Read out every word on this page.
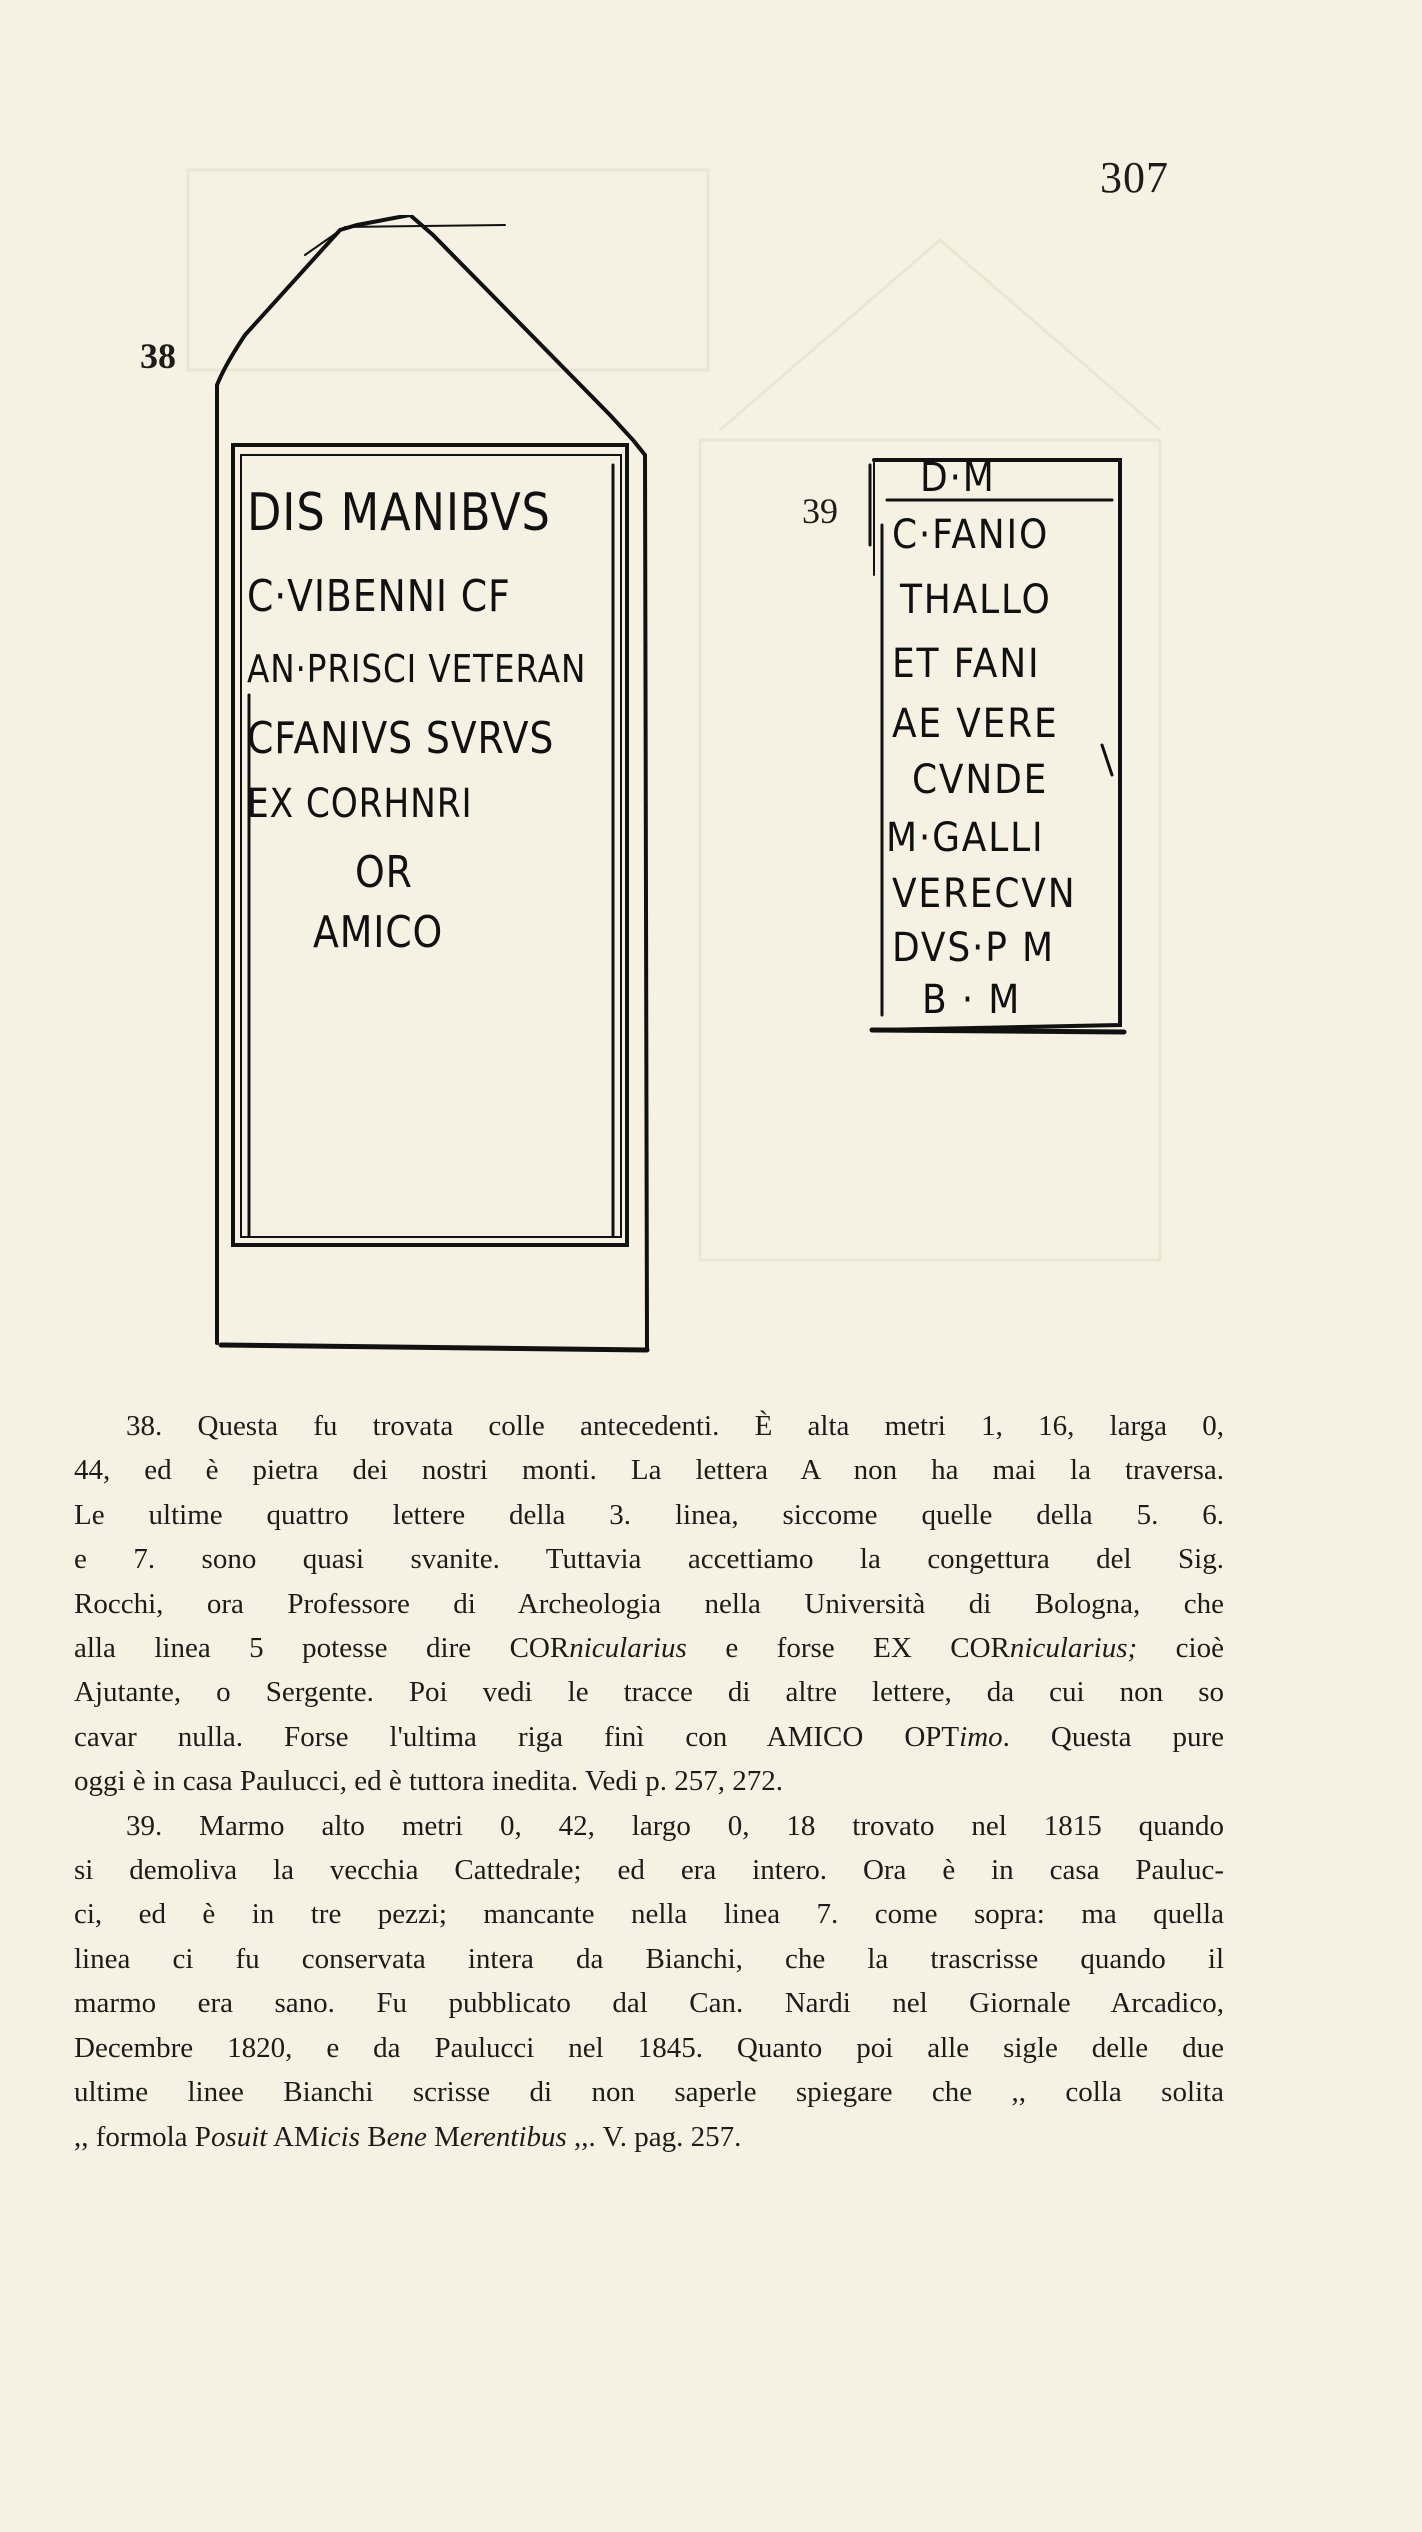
307
38
DIS MANIBVS
C·VIBENNI CF
AN·PRISCI VETERAN
CFANIVS SVRVS
EX CORHNRI
OR
AMICO
39
D·M
C·FANIO
THALLO
ET FANI
AE VERE
CVNDE
M·GALLI
VERECVN
DVS·P M
B · M

38. Questa fu trovata colle antecedenti. È alta metri 1, 16, larga 0,

44, ed è pietra dei nostri monti. La lettera A non ha mai la traversa.

Le ultime quattro lettere della 3. linea, siccome quelle della 5. 6.

e 7. sono quasi svanite. Tuttavia accettiamo la congettura del Sig.

Rocchi, ora Professore di Archeologia nella Università di Bologna, che

alla linea 5 potesse dire CORnicularius e forse EX CORnicularius; cioè

Ajutante, o Sergente. Poi vedi le tracce di altre lettere, da cui non so

cavar nulla. Forse l'ultima riga finì con AMICO OPTimo. Questa pure

oggi è in casa Paulucci, ed è tuttora inedita. Vedi p. 257, 272.

39. Marmo alto metri 0, 42, largo 0, 18 trovato nel 1815 quando

si demoliva la vecchia Cattedrale; ed era intero. Ora è in casa Pauluc-

ci, ed è in tre pezzi; mancante nella linea 7. come sopra: ma quella

linea ci fu conservata intera da Bianchi, che la trascrisse quando il

marmo era sano. Fu pubblicato dal Can. Nardi nel Giornale Arcadico,

Decembre 1820, e da Paulucci nel 1845. Quanto poi alle sigle delle due

ultime linee Bianchi scrisse di non saperle spiegare che ,, colla solita

,, formola Posuit AMicis Bene Merentibus ,,. V. pag. 257.
